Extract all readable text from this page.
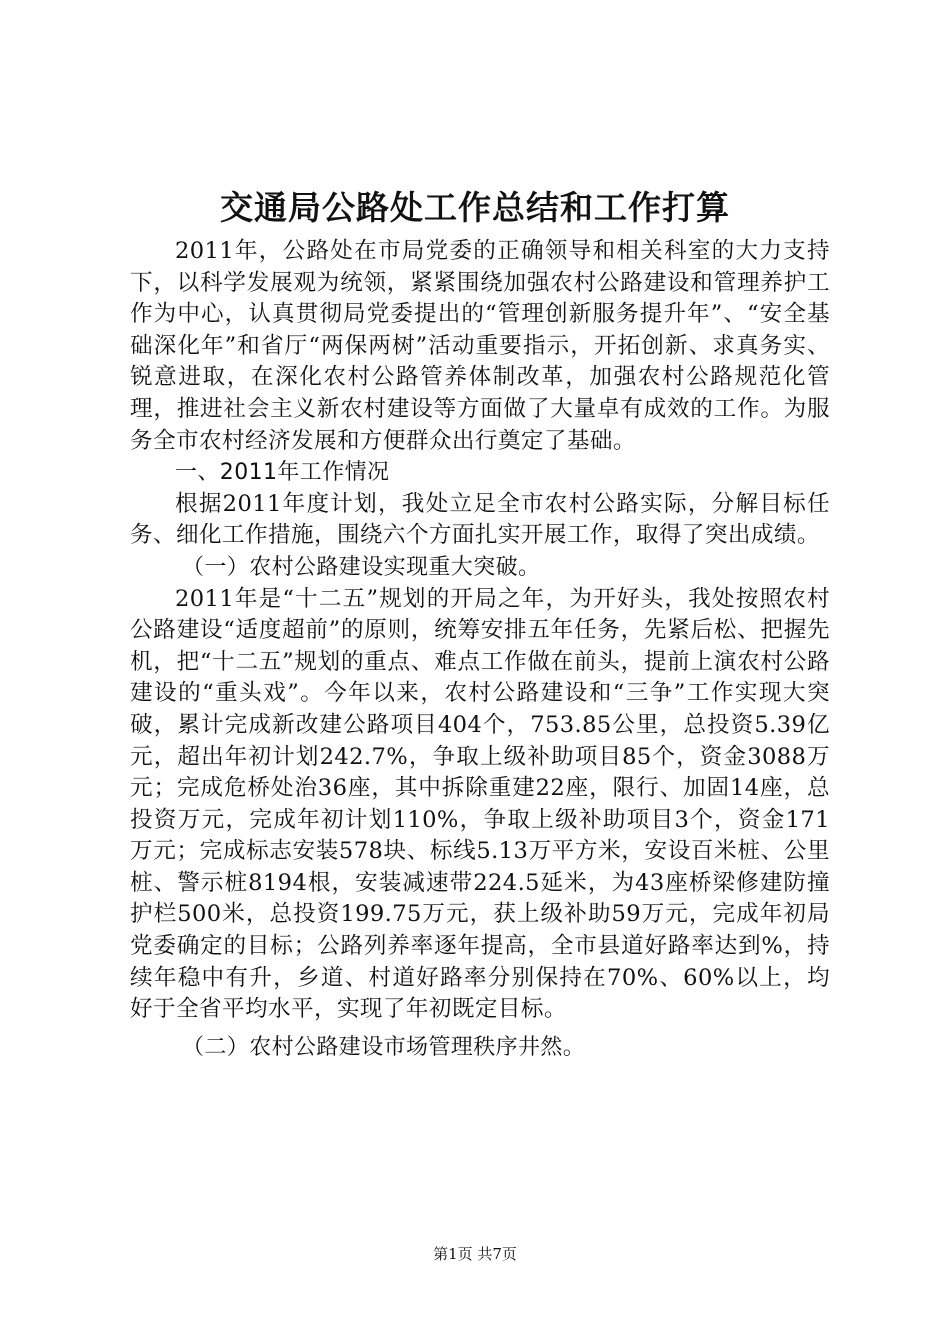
交通局公路处工作总结和工作打算

2011年，公路处在市局党委的正确领导和相关科室的大力支持下，以科学发展观为统领，紧紧围绕加强农村公路建设和管理养护工作为中心，认真贯彻局党委提出的“管理创新服务提升年”、“安全基础深化年”和省厅“两保两树”活动重要指示，开拓创新、求真务实、锐意进取，在深化农村公路管养体制改革，加强农村公路规范化管理，推进社会主义新农村建设等方面做了大量卓有成效的工作。为服务全市农村经济发展和方便群众出行奠定了基础。

一、2011年工作情况

根据2011年度计划，我处立足全市农村公路实际，分解目标任务、细化工作措施，围绕六个方面扎实开展工作，取得了突出成绩。

（一）农村公路建设实现重大突破。

2011年是“十二五”规划的开局之年，为开好头，我处按照农村公路建设“适度超前”的原则，统筹安排五年任务，先紧后松、把握先机，把“十二五”规划的重点、难点工作做在前头，提前上演农村公路建设的“重头戏”。今年以来，农村公路建设和“三争”工作实现大突破，累计完成新改建公路项目404个，753.85公里，总投资5.39亿元，超出年初计划242.7%，争取上级补助项目85个，资金3088万元；完成危桥处治36座，其中拆除重建22座，限行、加固14座，总投资万元，完成年初计划110%，争取上级补助项目3个，资金171万元；完成标志安装578块、标线5.13万平方米，安设百米桩、公里桩、警示桩8194根，安装减速带224.5延米，为43座桥梁修建防撞护栏500米，总投资199.75万元，获上级补助59万元，完成年初局党委确定的目标；公路列养率逐年提高，全市县道好路率达到%，持续年稳中有升，乡道、村道好路率分别保持在70%、60%以上，均好于全省平均水平，实现了年初既定目标。

（二）农村公路建设市场管理秩序井然。

第1页 共7页
